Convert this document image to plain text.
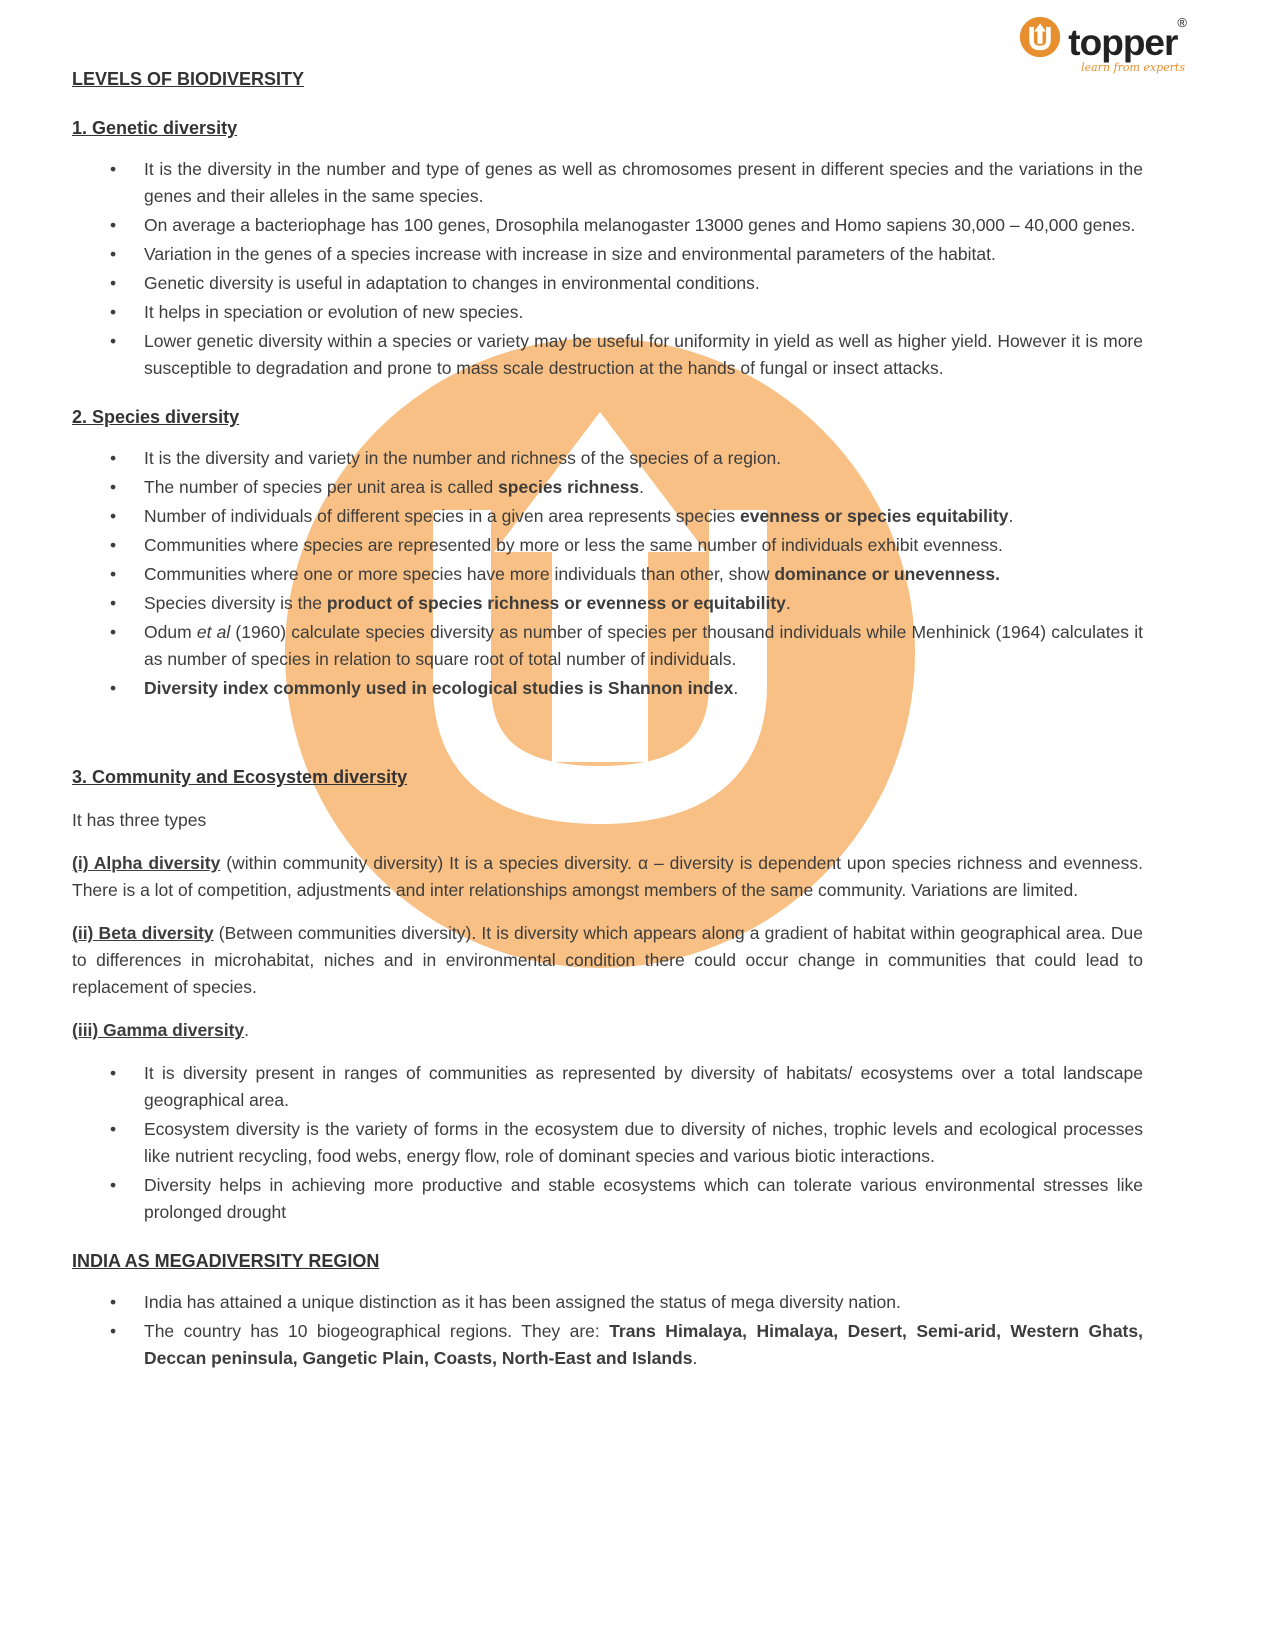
topper®
learn from experts
LEVELS OF BIODIVERSITY
1. Genetic diversity
• It is the diversity in the number and type of genes as well as chromosomes present in different species and the variations in the genes and their alleles in the same species.
• On average a bacteriophage has 100 genes, Drosophila melanogaster 13000 genes and Homo sapiens 30,000 – 40,000 genes.
• Variation in the genes of a species increase with increase in size and environmental parameters of the habitat.
• Genetic diversity is useful in adaptation to changes in environmental conditions.
• It helps in speciation or evolution of new species.
• Lower genetic diversity within a species or variety may be useful for uniformity in yield as well as higher yield. However it is more susceptible to degradation and prone to mass scale destruction at the hands of fungal or insect attacks.
2. Species diversity
• It is the diversity and variety in the number and richness of the species of a region.
• The number of species per unit area is called species richness.
• Number of individuals of different species in a given area represents species evenness or species equitability.
• Communities where species are represented by more or less the same number of individuals exhibit evenness.
• Communities where one or more species have more individuals than other, show dominance or unevenness.
• Species diversity is the product of species richness or evenness or equitability.
• Odum et al (1960) calculate species diversity as number of species per thousand individuals while Menhinick (1964) calculates it as number of species in relation to square root of total number of individuals.
• Diversity index commonly used in ecological studies is Shannon index.
3. Community and Ecosystem diversity

It has three types

(i) Alpha diversity (within community diversity) It is a species diversity. α – diversity is dependent upon species richness and evenness. There is a lot of competition, adjustments and inter relationships amongst members of the same community. Variations are limited.

(ii) Beta diversity (Between communities diversity). It is diversity which appears along a gradient of habitat within geographical area. Due to differences in microhabitat, niches and in environmental condition there could occur change in communities that could lead to replacement of species.

(iii) Gamma diversity.

• It is diversity present in ranges of communities as represented by diversity of habitats/ ecosystems over a total landscape geographical area.
• Ecosystem diversity is the variety of forms in the ecosystem due to diversity of niches, trophic levels and ecological processes like nutrient recycling, food webs, energy flow, role of dominant species and various biotic interactions.
• Diversity helps in achieving more productive and stable ecosystems which can tolerate various environmental stresses like prolonged drought
INDIA AS MEGADIVERSITY REGION
• India has attained a unique distinction as it has been assigned the status of mega diversity nation.
• The country has 10 biogeographical regions. They are: Trans Himalaya, Himalaya, Desert, Semi-arid, Western Ghats, Deccan peninsula, Gangetic Plain, Coasts, North-East and Islands.
